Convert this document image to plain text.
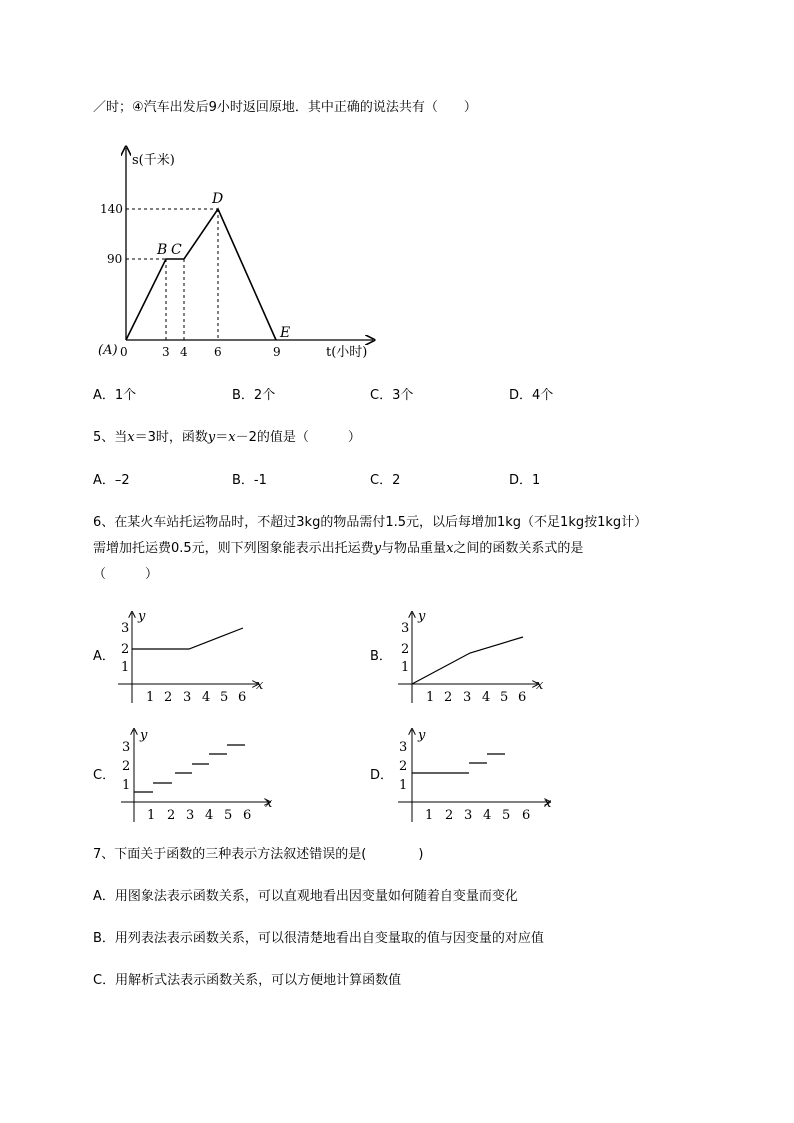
／时；④汽车出发后9小时返回原地．其中正确的说法共有（　　）
s(千米)
t(小时)
140
90
(A) 0	3 4 6	9
B C
D
E
A．1个	B．2个	C．3个	D．4个
5、当x＝3时，函数y＝x－2的值是（　　　）
A．–2	B．-1	C．2	D．1
6、在某火车站托运物品时，不超过3kg的物品需付1.5元，以后每增加1kg（不足1kg按1kg计）
需增加托运费0.5元，则下列图象能表示出托运费y与物品重量x之间的函数关系式的是
（　　　）
A．	B．
C．	D．
y
x
3
2
1
1 2 3 4 5 6
y
x
3
2
1
1 2 3 4 5 6
y
x
3
2
1
1 2 3 4 5 6
y
x
3
2
1
1 2 3 4 5 6
7、下面关于函数的三种表示方法叙述错误的是(　　　　)
A．用图象法表示函数关系，可以直观地看出因变量如何随着自变量而变化
B．用列表法表示函数关系，可以很清楚地看出自变量取的值与因变量的对应值
C．用解析式法表示函数关系，可以方便地计算函数值
